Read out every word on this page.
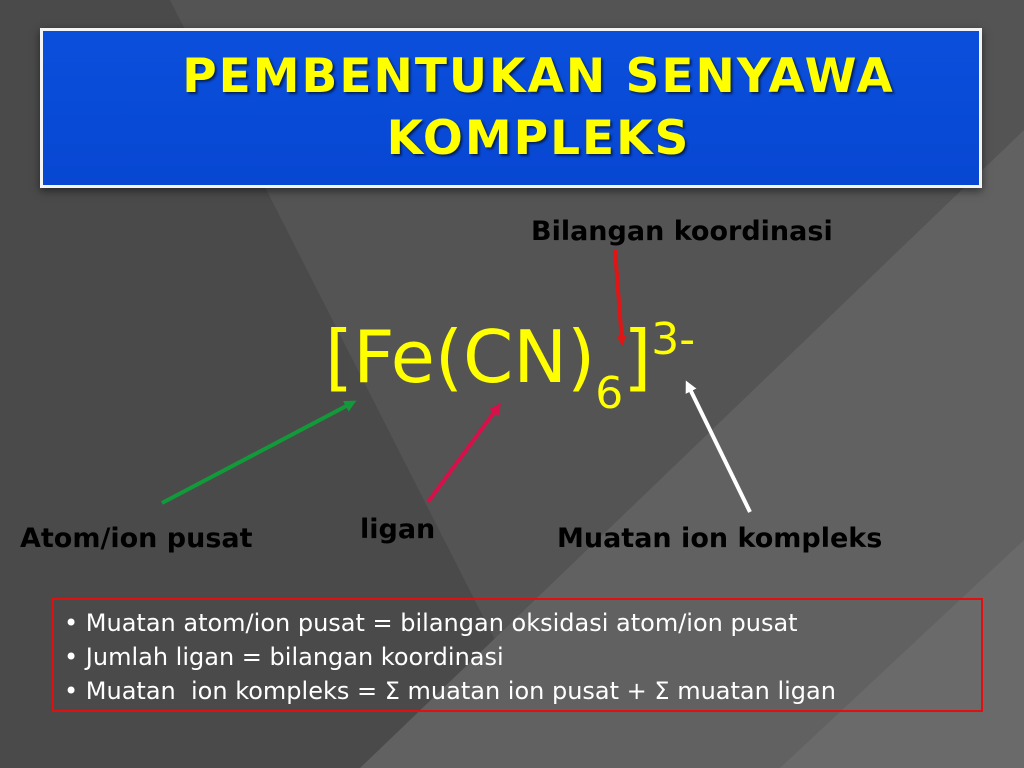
PEMBENTUKAN SENYAWA
KOMPLEKS
Bilangan koordinasi
$[Fe(CN)_6]^{3-}$
Atom/ion pusat	ligan	Muatan ion kompleks
• Muatan atom/ion pusat = bilangan oksidasi atom/ion pusat
• Jumlah ligan = bilangan koordinasi
• Muatan  ion kompleks = Σ muatan ion pusat + Σ muatan ligan
